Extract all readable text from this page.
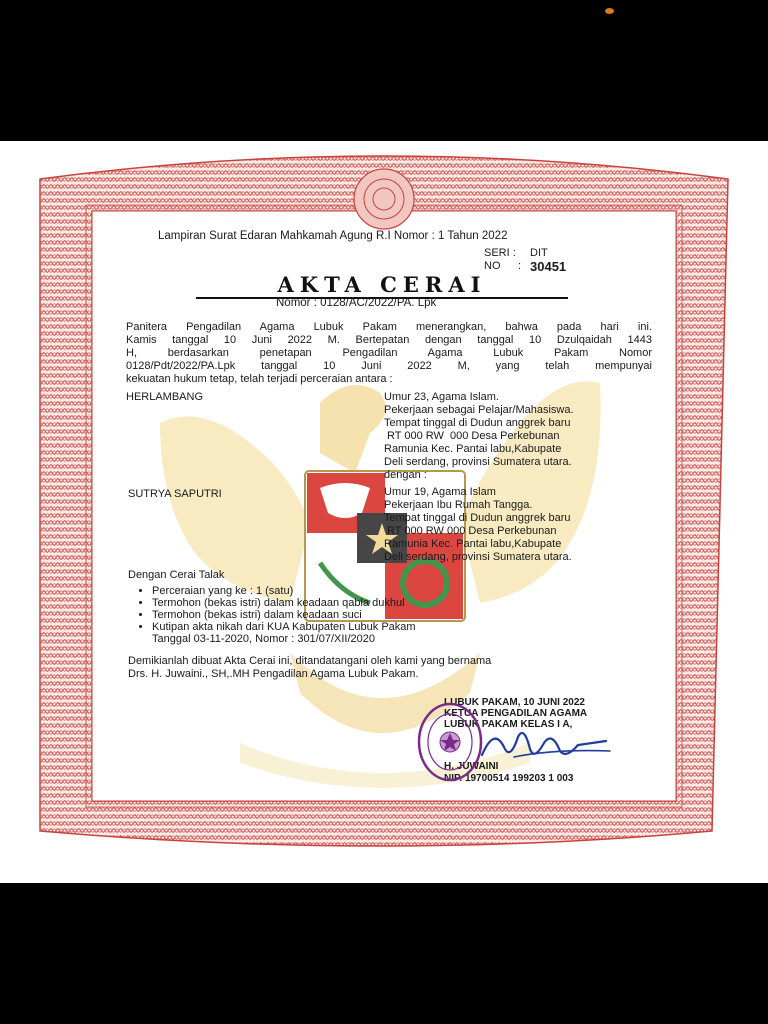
Lampiran Surat Edaran Mahkamah Agung R.I Nomor : 1 Tahun 2022
SERI : DIT
NO : 30451
AKTA CERAI
Nomor : 0128/AC/2022/PA. Lpk
Panitera Pengadilan Agama Lubuk Pakam menerangkan, bahwa pada hari ini.
Kamis tanggal 10 Juni 2022 M. Bertepatan dengan tanggal 10 Dzulqaidah 1443
H, berdasarkan penetapan Pengadilan Agama Lubuk Pakam Nomor
0128/Pdt/2022/PA.Lpk tanggal 10 Juni 2022 M, yang telah mempunyai
kekuatan hukum tetap, telah terjadi perceraian antara :
HERLAMBANG	Umur 23, Agama Islam.
Pekerjaan sebagai Pelajar/Mahasiswa.
Tempat tinggal di Dudun anggrek baru
RT 000 RW  000 Desa Perkebunan
Ramunia Kec. Pantai labu,Kabupate
Deli serdang, provinsi Sumatera utara.
dengan :
SUTRYA SAPUTRI	Umur 19, Agama Islam
Pekerjaan Ibu Rumah Tangga.
Tempat tinggal di Dudun anggrek baru
RT 000 RW 000 Desa Perkebunan
Ramunia Kec. Pantai labu,Kabupate
Deli serdang, provinsi Sumatera utara.
Dengan Cerai Talak
• Perceraian yang ke : 1 (satu)
• Termohon (bekas istri) dalam keadaan qabla dukhul
• Termohon (bekas istri) dalam keadaan suci
• Kutipan akta nikah dari KUA Kabupaten Lubuk Pakam
Tanggal 03-11-2020, Nomor : 301/07/XII/2020
Demikianlah dibuat Akta Cerai ini, ditandatangani oleh kami yang bernama
Drs. H. Juwaini., SH,.MH Pengadilan Agama Lubuk Pakam.
LUBUK PAKAM, 10 JUNI 2022
KETUA PENGADILAN AGAMA
LUBUK PAKAM KELAS I A,
H. JUWAINI
NIP. 19700514 199203 1 003
